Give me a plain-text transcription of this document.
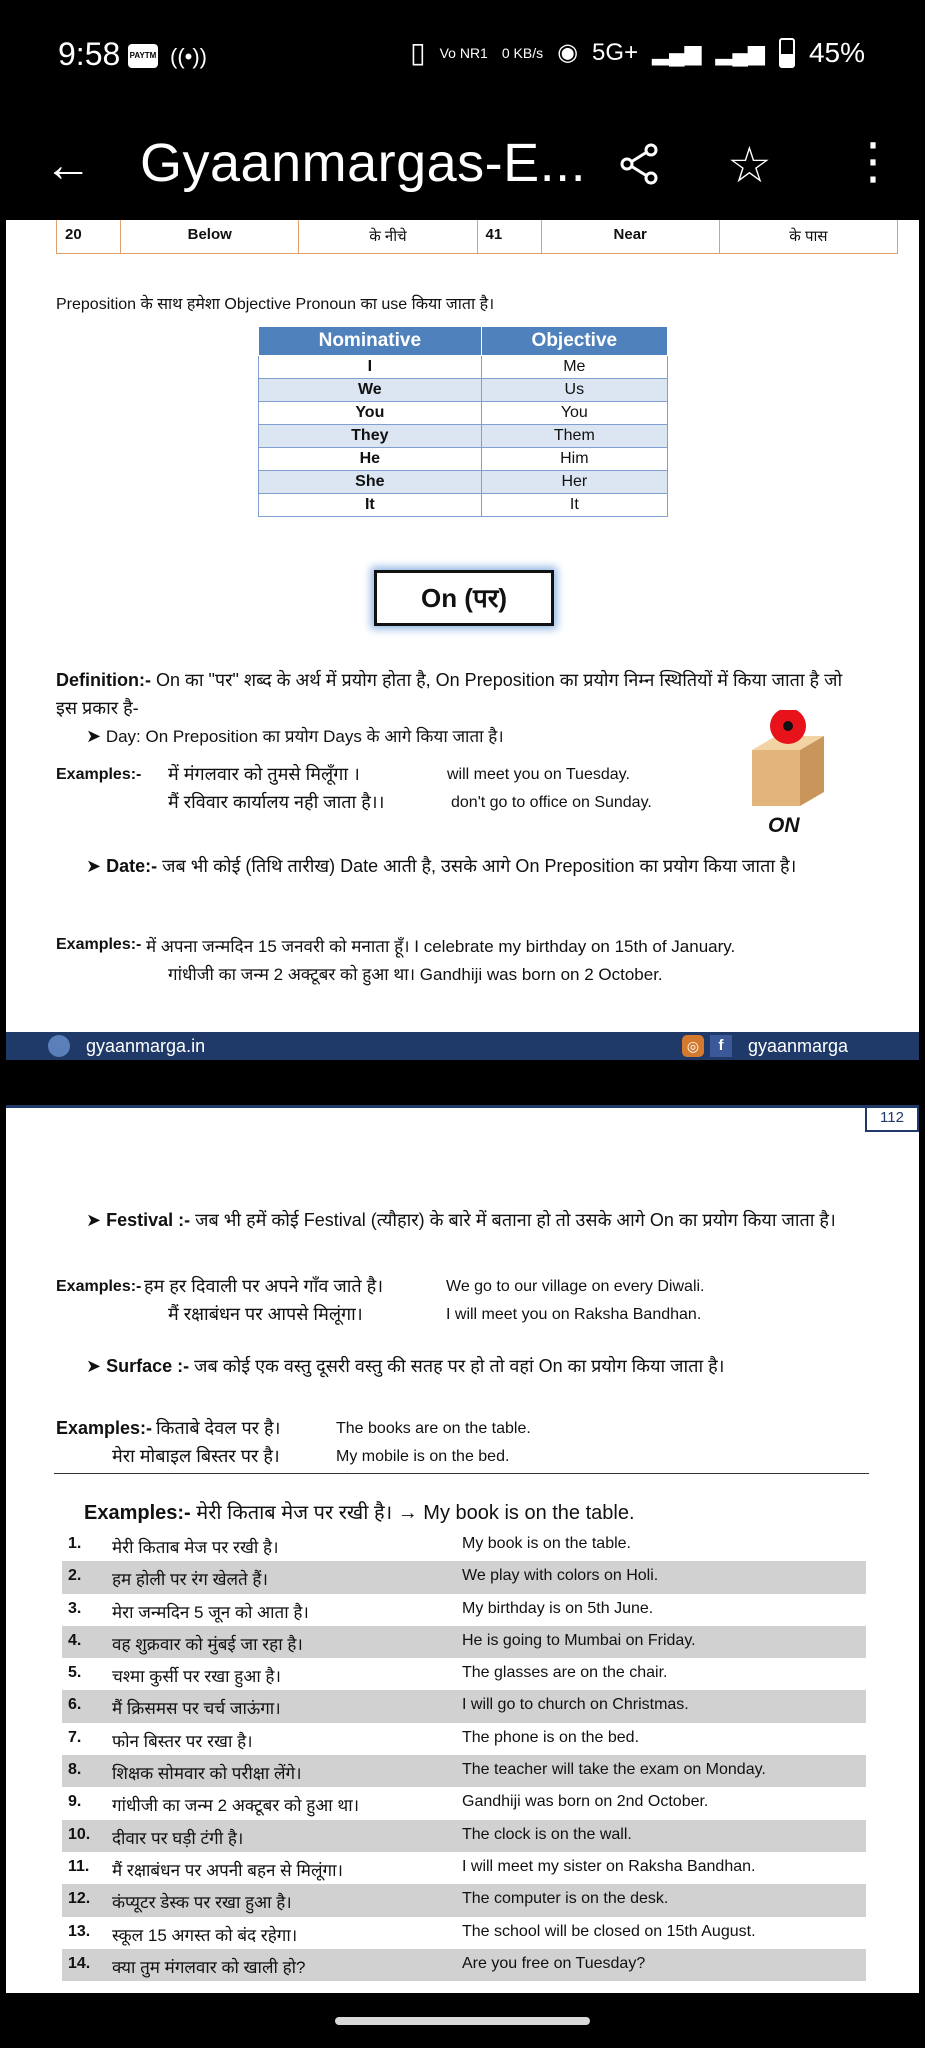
9:58 PAYTM ((•))	▯ Vo NR1 0 KB/s ◉ 5G+ ▂▄▆ ▂▄▆ 45%
← Gyaanmargas-E...	☆ ⋮
20	Below	के नीचे	41	Near	के पास
Preposition के साथ हमेशा Objective Pronoun का use किया जाता है।
Nominative	Objective
I	Me
We	Us
You	You
They	Them
He	Him
She	Her
It	It
On (पर)
Definition:- On का "पर" शब्द के अर्थ में प्रयोग होता है, On Preposition का प्रयोग निम्न स्थितियों में किया जाता है जो
इस प्रकार है-
➤ Day: On Preposition का प्रयोग Days के आगे किया जाता है।
Examples:- में मंगलवार को तुमसे मिलूँगा ।	will meet you on Tuesday.
मैं रविवार कार्यालय नही जाता है।।	don't go to office on Sunday.
ON
➤ Date:- जब भी कोई (तिथि तारीख) Date आती है, उसके आगे On Preposition का प्रयोग किया जाता है।
Examples:- में अपना जन्मदिन 15 जनवरी को मनाता हूँ। I celebrate my birthday on 15th of January.
गांधीजी का जन्म 2 अक्टूबर को हुआ था। Gandhiji was born on 2 October.
gyaanmarga.in	◎	f	gyaanmarga
112
➤ Festival :- जब भी हमें कोई Festival (त्यौहार) के बारे में बताना हो तो उसके आगे On का प्रयोग किया जाता है।
Examples:- हम हर दिवाली पर अपने गाँव जाते है।	We go to our village on every Diwali.
मैं रक्षाबंधन पर आपसे मिलूंगा।	I will meet you on Raksha Bandhan.
➤ Surface :- जब कोई एक वस्तु दूसरी वस्तु की सतह पर हो तो वहां On का प्रयोग किया जाता है।
Examples:- किताबे देवल पर है।	The books are on the table.
मेरा मोबाइल बिस्तर पर है।	My mobile is on the bed.
Examples:- मेरी किताब मेज पर रखी है। → My book is on the table.
1. मेरी किताब मेज पर रखी है।	My book is on the table.
2. हम होली पर रंग खेलते हैं।	We play with colors on Holi.
3. मेरा जन्मदिन 5 जून को आता है।	My birthday is on 5th June.
4. वह शुक्रवार को मुंबई जा रहा है।	He is going to Mumbai on Friday.
5. चश्मा कुर्सी पर रखा हुआ है।	The glasses are on the chair.
6. मैं क्रिसमस पर चर्च जाऊंगा।	I will go to church on Christmas.
7. फोन बिस्तर पर रखा है।	The phone is on the bed.
8. शिक्षक सोमवार को परीक्षा लेंगे।	The teacher will take the exam on Monday.
9. गांधीजी का जन्म 2 अक्टूबर को हुआ था।	Gandhiji was born on 2nd October.
10. दीवार पर घड़ी टंगी है।	The clock is on the wall.
11. मैं रक्षाबंधन पर अपनी बहन से मिलूंगा।	I will meet my sister on Raksha Bandhan.
12. कंप्यूटर डेस्क पर रखा हुआ है।	The computer is on the desk.
13. स्कूल 15 अगस्त को बंद रहेगा।	The school will be closed on 15th August.
14. क्या तुम मंगलवार को खाली हो?	Are you free on Tuesday?
